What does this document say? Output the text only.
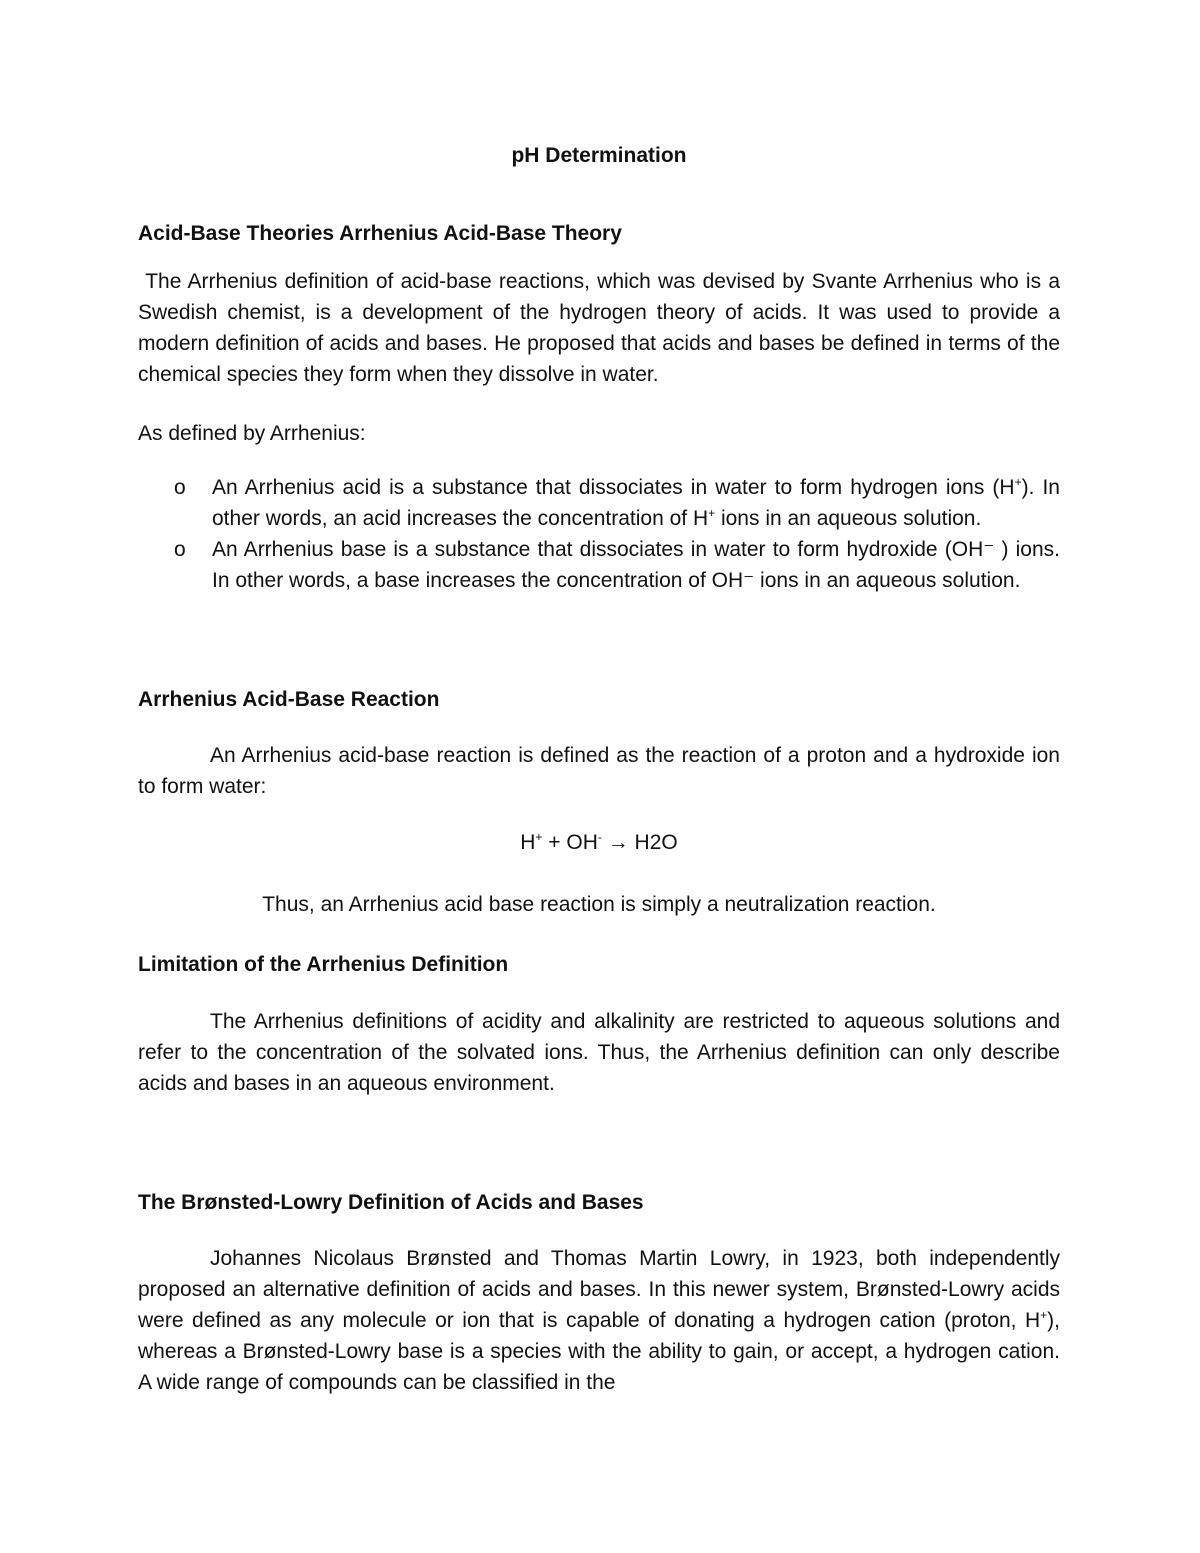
pH Determination
Acid-Base Theories Arrhenius Acid-Base Theory
The Arrhenius definition of acid-base reactions, which was devised by Svante Arrhenius who is a Swedish chemist, is a development of the hydrogen theory of acids. It was used to provide a modern definition of acids and bases. He proposed that acids and bases be defined in terms of the chemical species they form when they dissolve in water.
As defined by Arrhenius:
o An Arrhenius acid is a substance that dissociates in water to form hydrogen ions (H+). In other words, an acid increases the concentration of H+ ions in an aqueous solution.
o An Arrhenius base is a substance that dissociates in water to form hydroxide (OH⁻ ) ions. In other words, a base increases the concentration of OH⁻ ions in an aqueous solution.
Arrhenius Acid-Base Reaction
An Arrhenius acid-base reaction is defined as the reaction of a proton and a hydroxide ion to form water:
H+ + OH- → H2O
Thus, an Arrhenius acid base reaction is simply a neutralization reaction.
Limitation of the Arrhenius Definition
The Arrhenius definitions of acidity and alkalinity are restricted to aqueous solutions and refer to the concentration of the solvated ions. Thus, the Arrhenius definition can only describe acids and bases in an aqueous environment.
The Brønsted-Lowry Definition of Acids and Bases
Johannes Nicolaus Brønsted and Thomas Martin Lowry, in 1923, both independently proposed an alternative definition of acids and bases. In this newer system, Brønsted-Lowry acids were defined as any molecule or ion that is capable of donating a hydrogen cation (proton, H+), whereas a Brønsted-Lowry base is a species with the ability to gain, or accept, a hydrogen cation. A wide range of compounds can be classified in the
